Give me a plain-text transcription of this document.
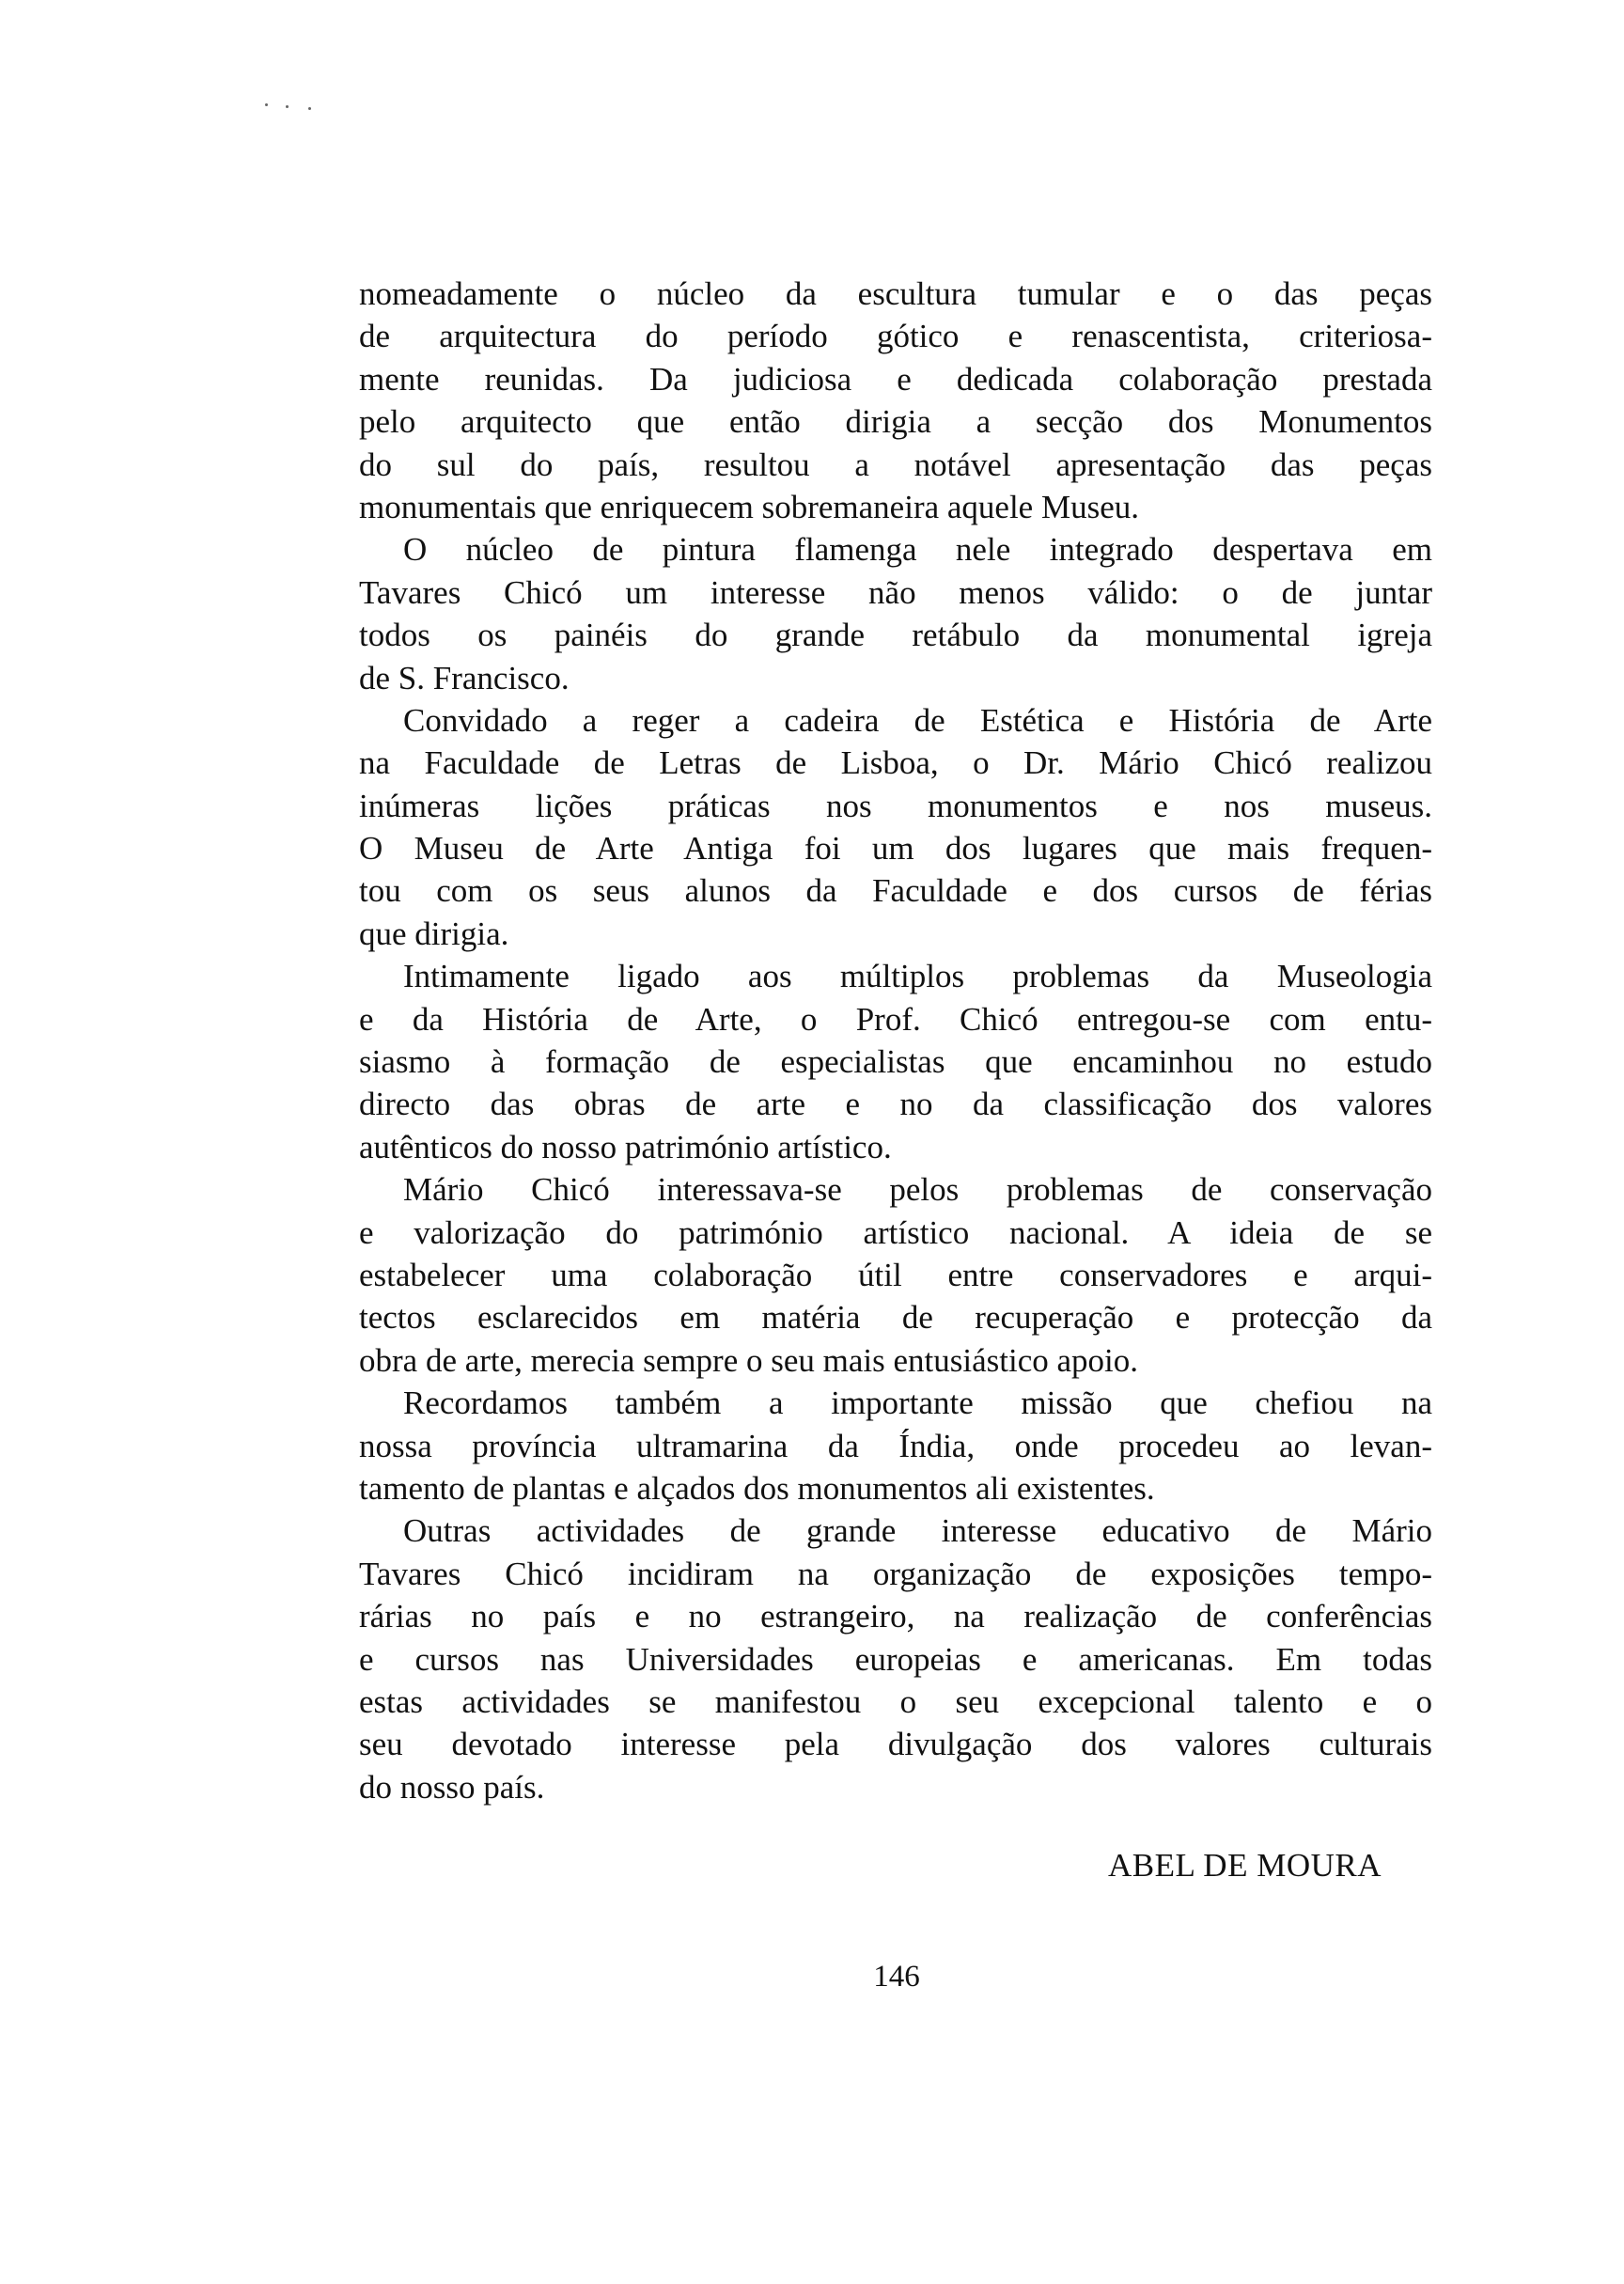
nomeadamente o núcleo da escultura tumular e o das peças
de arquitectura do período gótico e renascentista, criteriosa-
mente reunidas. Da judiciosa e dedicada colaboração prestada
pelo arquitecto que então dirigia a secção dos Monumentos
do sul do país, resultou a notável apresentação das peças
monumentais que enriquecem sobremaneira aquele Museu.
O núcleo de pintura flamenga nele integrado despertava em
Tavares Chicó um interesse não menos válido: o de juntar
todos os painéis do grande retábulo da monumental igreja
de S. Francisco.
Convidado a reger a cadeira de Estética e História de Arte
na Faculdade de Letras de Lisboa, o Dr. Mário Chicó realizou
inúmeras lições práticas nos monumentos e nos museus.
O Museu de Arte Antiga foi um dos lugares que mais frequen-
tou com os seus alunos da Faculdade e dos cursos de férias
que dirigia.
Intimamente ligado aos múltiplos problemas da Museologia
e da História de Arte, o Prof. Chicó entregou-se com entu-
siasmo à formação de especialistas que encaminhou no estudo
directo das obras de arte e no da classificação dos valores
autênticos do nosso património artístico.
Mário Chicó interessava-se pelos problemas de conservação
e valorização do património artístico nacional. A ideia de se
estabelecer uma colaboração útil entre conservadores e arqui-
tectos esclarecidos em matéria de recuperação e protecção da
obra de arte, merecia sempre o seu mais entusiástico apoio.
Recordamos também a importante missão que chefiou na
nossa província ultramarina da Índia, onde procedeu ao levan-
tamento de plantas e alçados dos monumentos ali existentes.
Outras actividades de grande interesse educativo de Mário
Tavares Chicó incidiram na organização de exposições tempo-
rárias no país e no estrangeiro, na realização de conferências
e cursos nas Universidades europeias e americanas. Em todas
estas actividades se manifestou o seu excepcional talento e o
seu devotado interesse pela divulgação dos valores culturais
do nosso país.
ABEL DE MOURA
146
